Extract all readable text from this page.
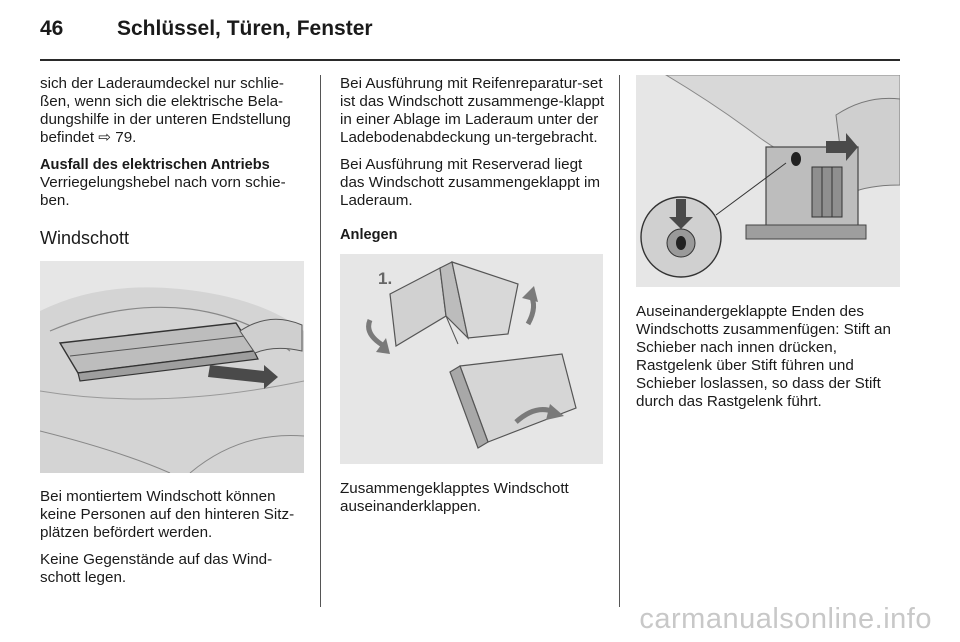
46	Schlüssel, Türen, Fenster

sich der Laderaumdeckel nur schlie-ßen, wenn sich die elektrische Bela-dungshilfe in der unteren Endstellung befindet ⇨ 79.

Ausfall des elektrischen Antriebs

Verriegelungshebel nach vorn schie-ben.

Windschott

Bei montiertem Windschott können keine Personen auf den hinteren Sitz-plätzen befördert werden.

Keine Gegenstände auf das Wind-schott legen.

Bei Ausführung mit Reifenreparatur-set ist das Windschott zusammenge-klappt in einer Ablage im Laderaum unter der Ladebodenabdeckung un-tergebracht.

Bei Ausführung mit Reserverad liegt das Windschott zusammengeklappt im Laderaum.

Anlegen

1.

Zusammengeklapptes Windschott auseinanderklappen.

Auseinandergeklappte Enden des Windschotts zusammenfügen: Stift an Schieber nach innen drücken, Rastgelenk über Stift führen und Schieber loslassen, so dass der Stift durch das Rastgelenk führt.

carmanualsonline.info
